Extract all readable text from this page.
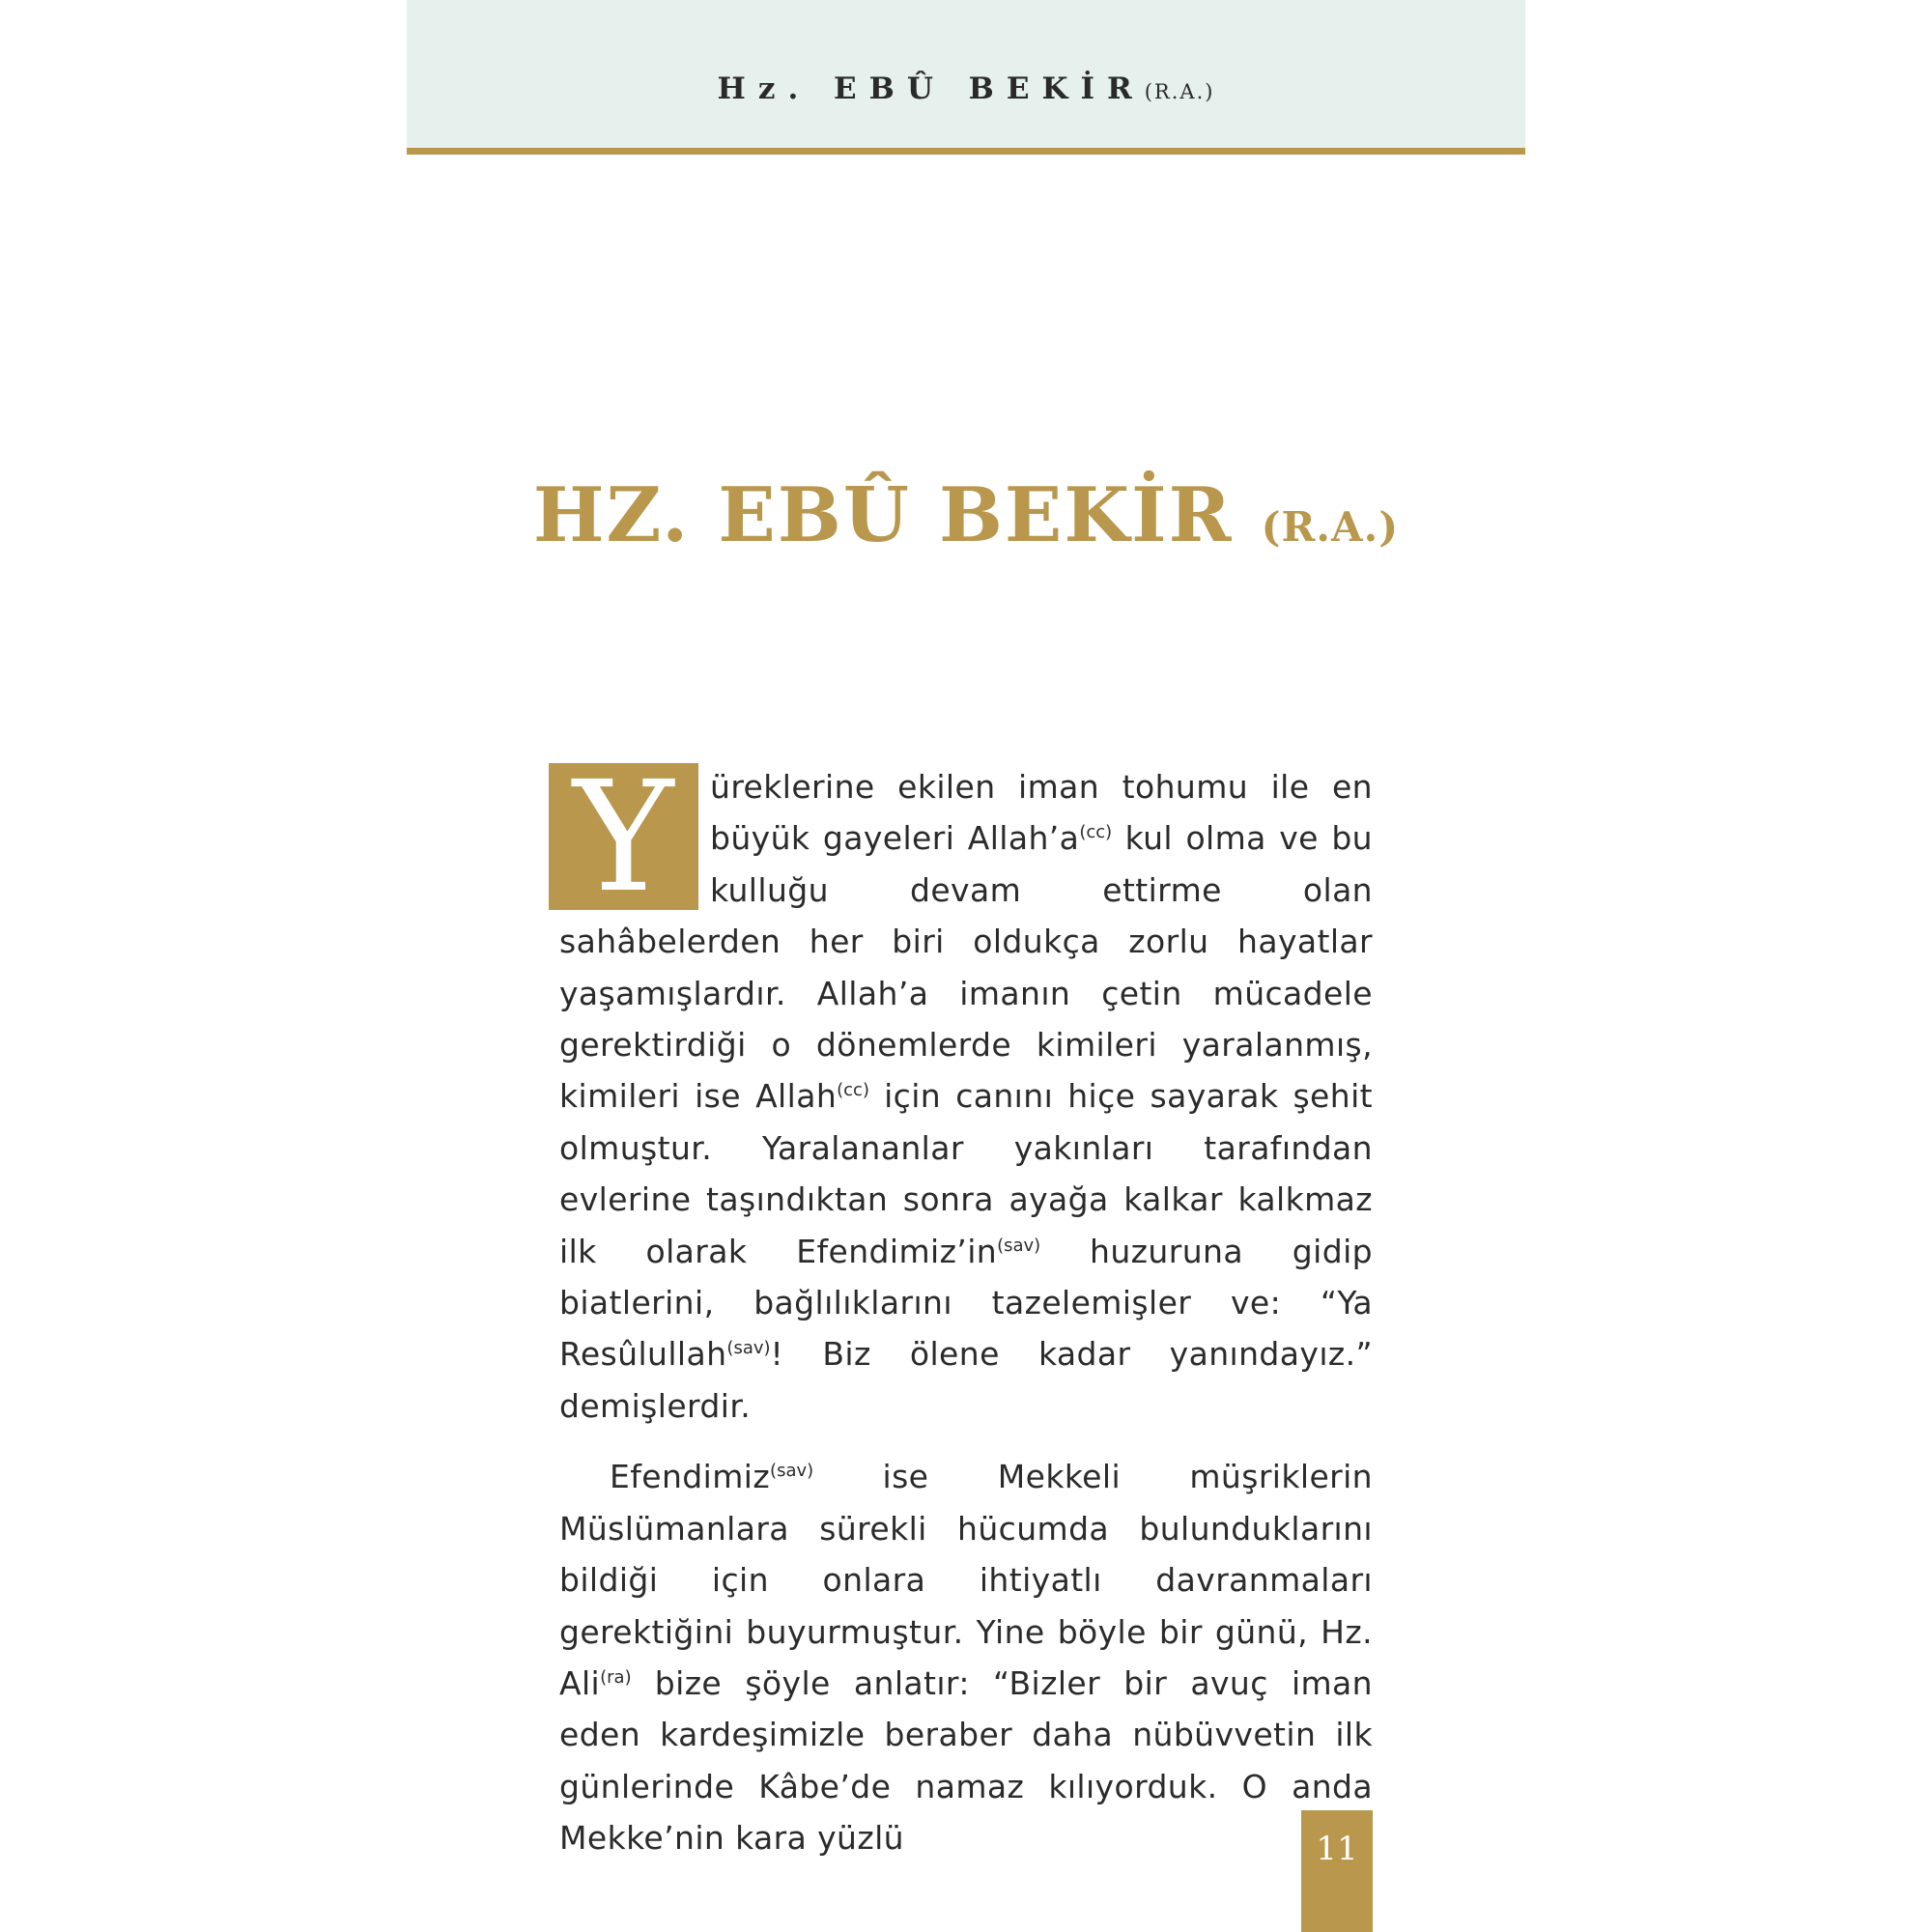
Hz. EBÛ BEKİR(R.A.)
HZ. EBÛ BEKİR (R.A.)

Y	üreklerine ekilen iman tohumu ile en büyük gayeleri $Allah’a^{(cc)}$ kul olma ve bu kulluğu devam ettirme olan sahâbelerden her biri oldukça zorlu hayatlar yaşamışlardır. Allah’a imanın çetin mücadele gerektirdiği o dönemlerde kimileri yaralanmış, kimileri ise Allah$^{(cc)}$ için canını hiçe sayarak şehit olmuştur. Yaralananlar yakınları tarafından evlerine taşındıktan sonra ayağa kalkar kalkmaz ilk olarak $Efendimiz’in^{(sav)}$ huzuruna gidip biatlerini, bağlılıklarını tazelemişler ve: “Ya Resûlullah$^{(sav)}$! Biz ölene kadar yanındayız.” demişlerdir.

Efendimiz$^{(sav)}$ ise Mekkeli müşriklerin Müslümanlara sürekli hücumda bulunduklarını bildiği için onlara ihtiyatlı davranmaları gerektiğini buyurmuştur. Yine böyle bir günü, Hz. Ali$^{(ra)}$ bize şöyle anlatır: “Bizler bir avuç iman eden kardeşimizle beraber daha nübüvvetin ilk günlerinde Kâbe’de namaz kılıyorduk. O anda Mekke’nin kara yüzlü	11
